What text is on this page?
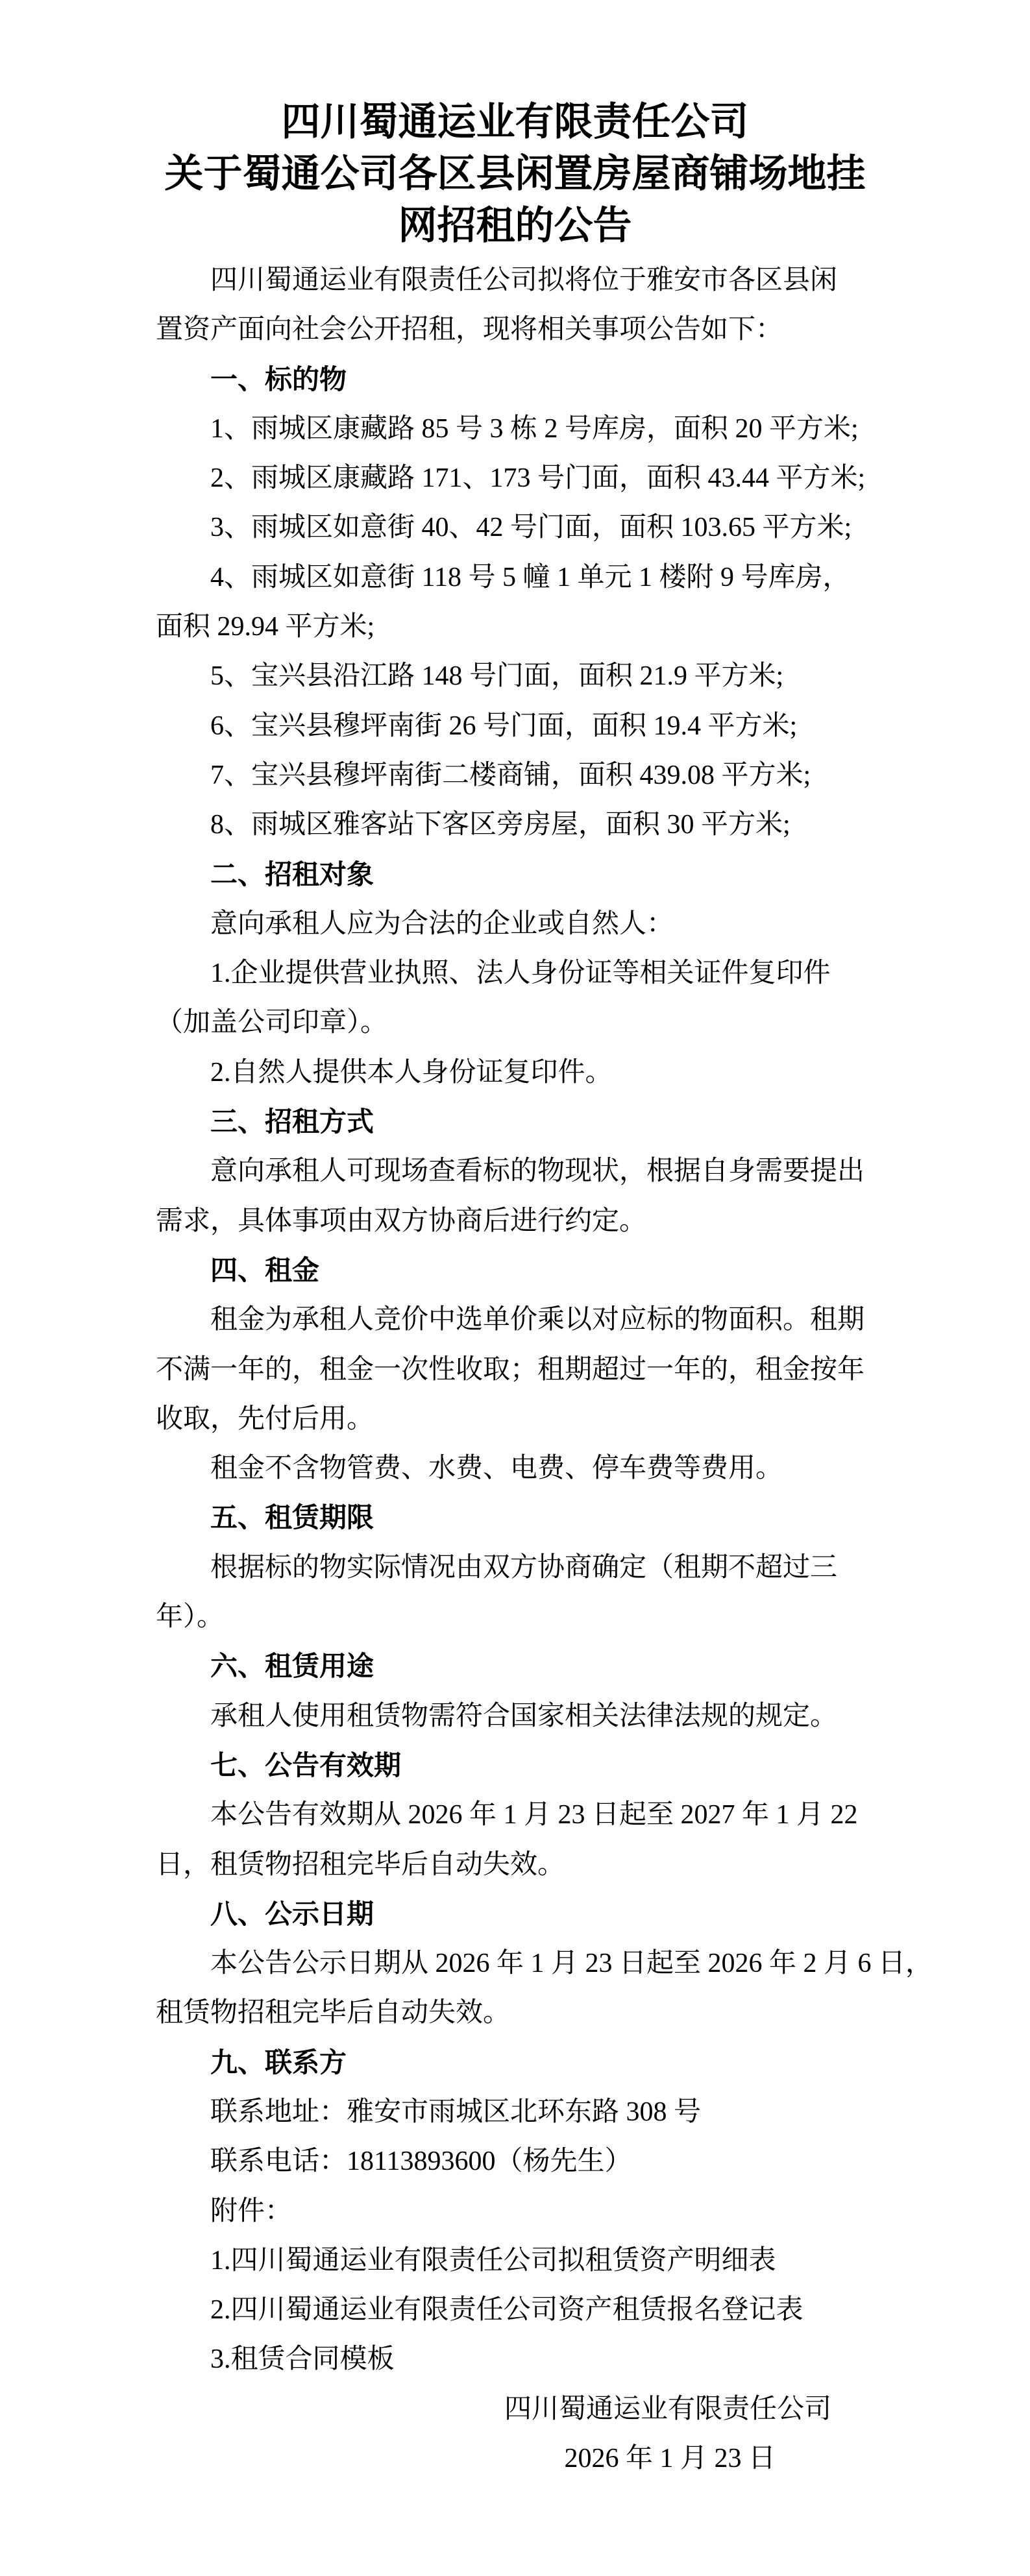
四川蜀通运业有限责任公司
关于蜀通公司各区县闲置房屋商铺场地挂
网招租的公告
四川蜀通运业有限责任公司拟将位于雅安市各区县闲
置资产面向社会公开招租，现将相关事项公告如下：
一、标的物
1、雨城区康藏路 85 号 3 栋 2 号库房，面积 20 平方米;
2、雨城区康藏路 171、173 号门面，面积 43.44 平方米;
3、雨城区如意街 40、42 号门面，面积 103.65 平方米;
4、雨城区如意街 118 号 5 幢 1 单元 1 楼附 9 号库房，
面积 29.94 平方米;
5、宝兴县沿江路 148 号门面，面积 21.9 平方米;
6、宝兴县穆坪南街 26 号门面，面积 19.4 平方米;
7、宝兴县穆坪南街二楼商铺，面积 439.08 平方米;
8、雨城区雅客站下客区旁房屋，面积 30 平方米;
二、招租对象
意向承租人应为合法的企业或自然人：
1.企业提供营业执照、法人身份证等相关证件复印件
（加盖公司印章）。
2.自然人提供本人身份证复印件。
三、招租方式
意向承租人可现场查看标的物现状，根据自身需要提出
需求，具体事项由双方协商后进行约定。
四、租金
租金为承租人竞价中选单价乘以对应标的物面积。租期
不满一年的，租金一次性收取；租期超过一年的，租金按年
收取，先付后用。
租金不含物管费、水费、电费、停车费等费用。
五、租赁期限
根据标的物实际情况由双方协商确定（租期不超过三
年）。
六、租赁用途
承租人使用租赁物需符合国家相关法律法规的规定。
七、公告有效期
本公告有效期从 2026 年 1 月 23 日起至 2027 年 1 月 22
日，租赁物招租完毕后自动失效。
八、公示日期
本公告公示日期从 2026 年 1 月 23 日起至 2026 年 2 月 6 日，
租赁物招租完毕后自动失效。
九、联系方
联系地址：雅安市雨城区北环东路 308 号
联系电话：18113893600（杨先生）
附件：
1.四川蜀通运业有限责任公司拟租赁资产明细表
2.四川蜀通运业有限责任公司资产租赁报名登记表
3.租赁合同模板
四川蜀通运业有限责任公司
2026 年 1 月 23 日
